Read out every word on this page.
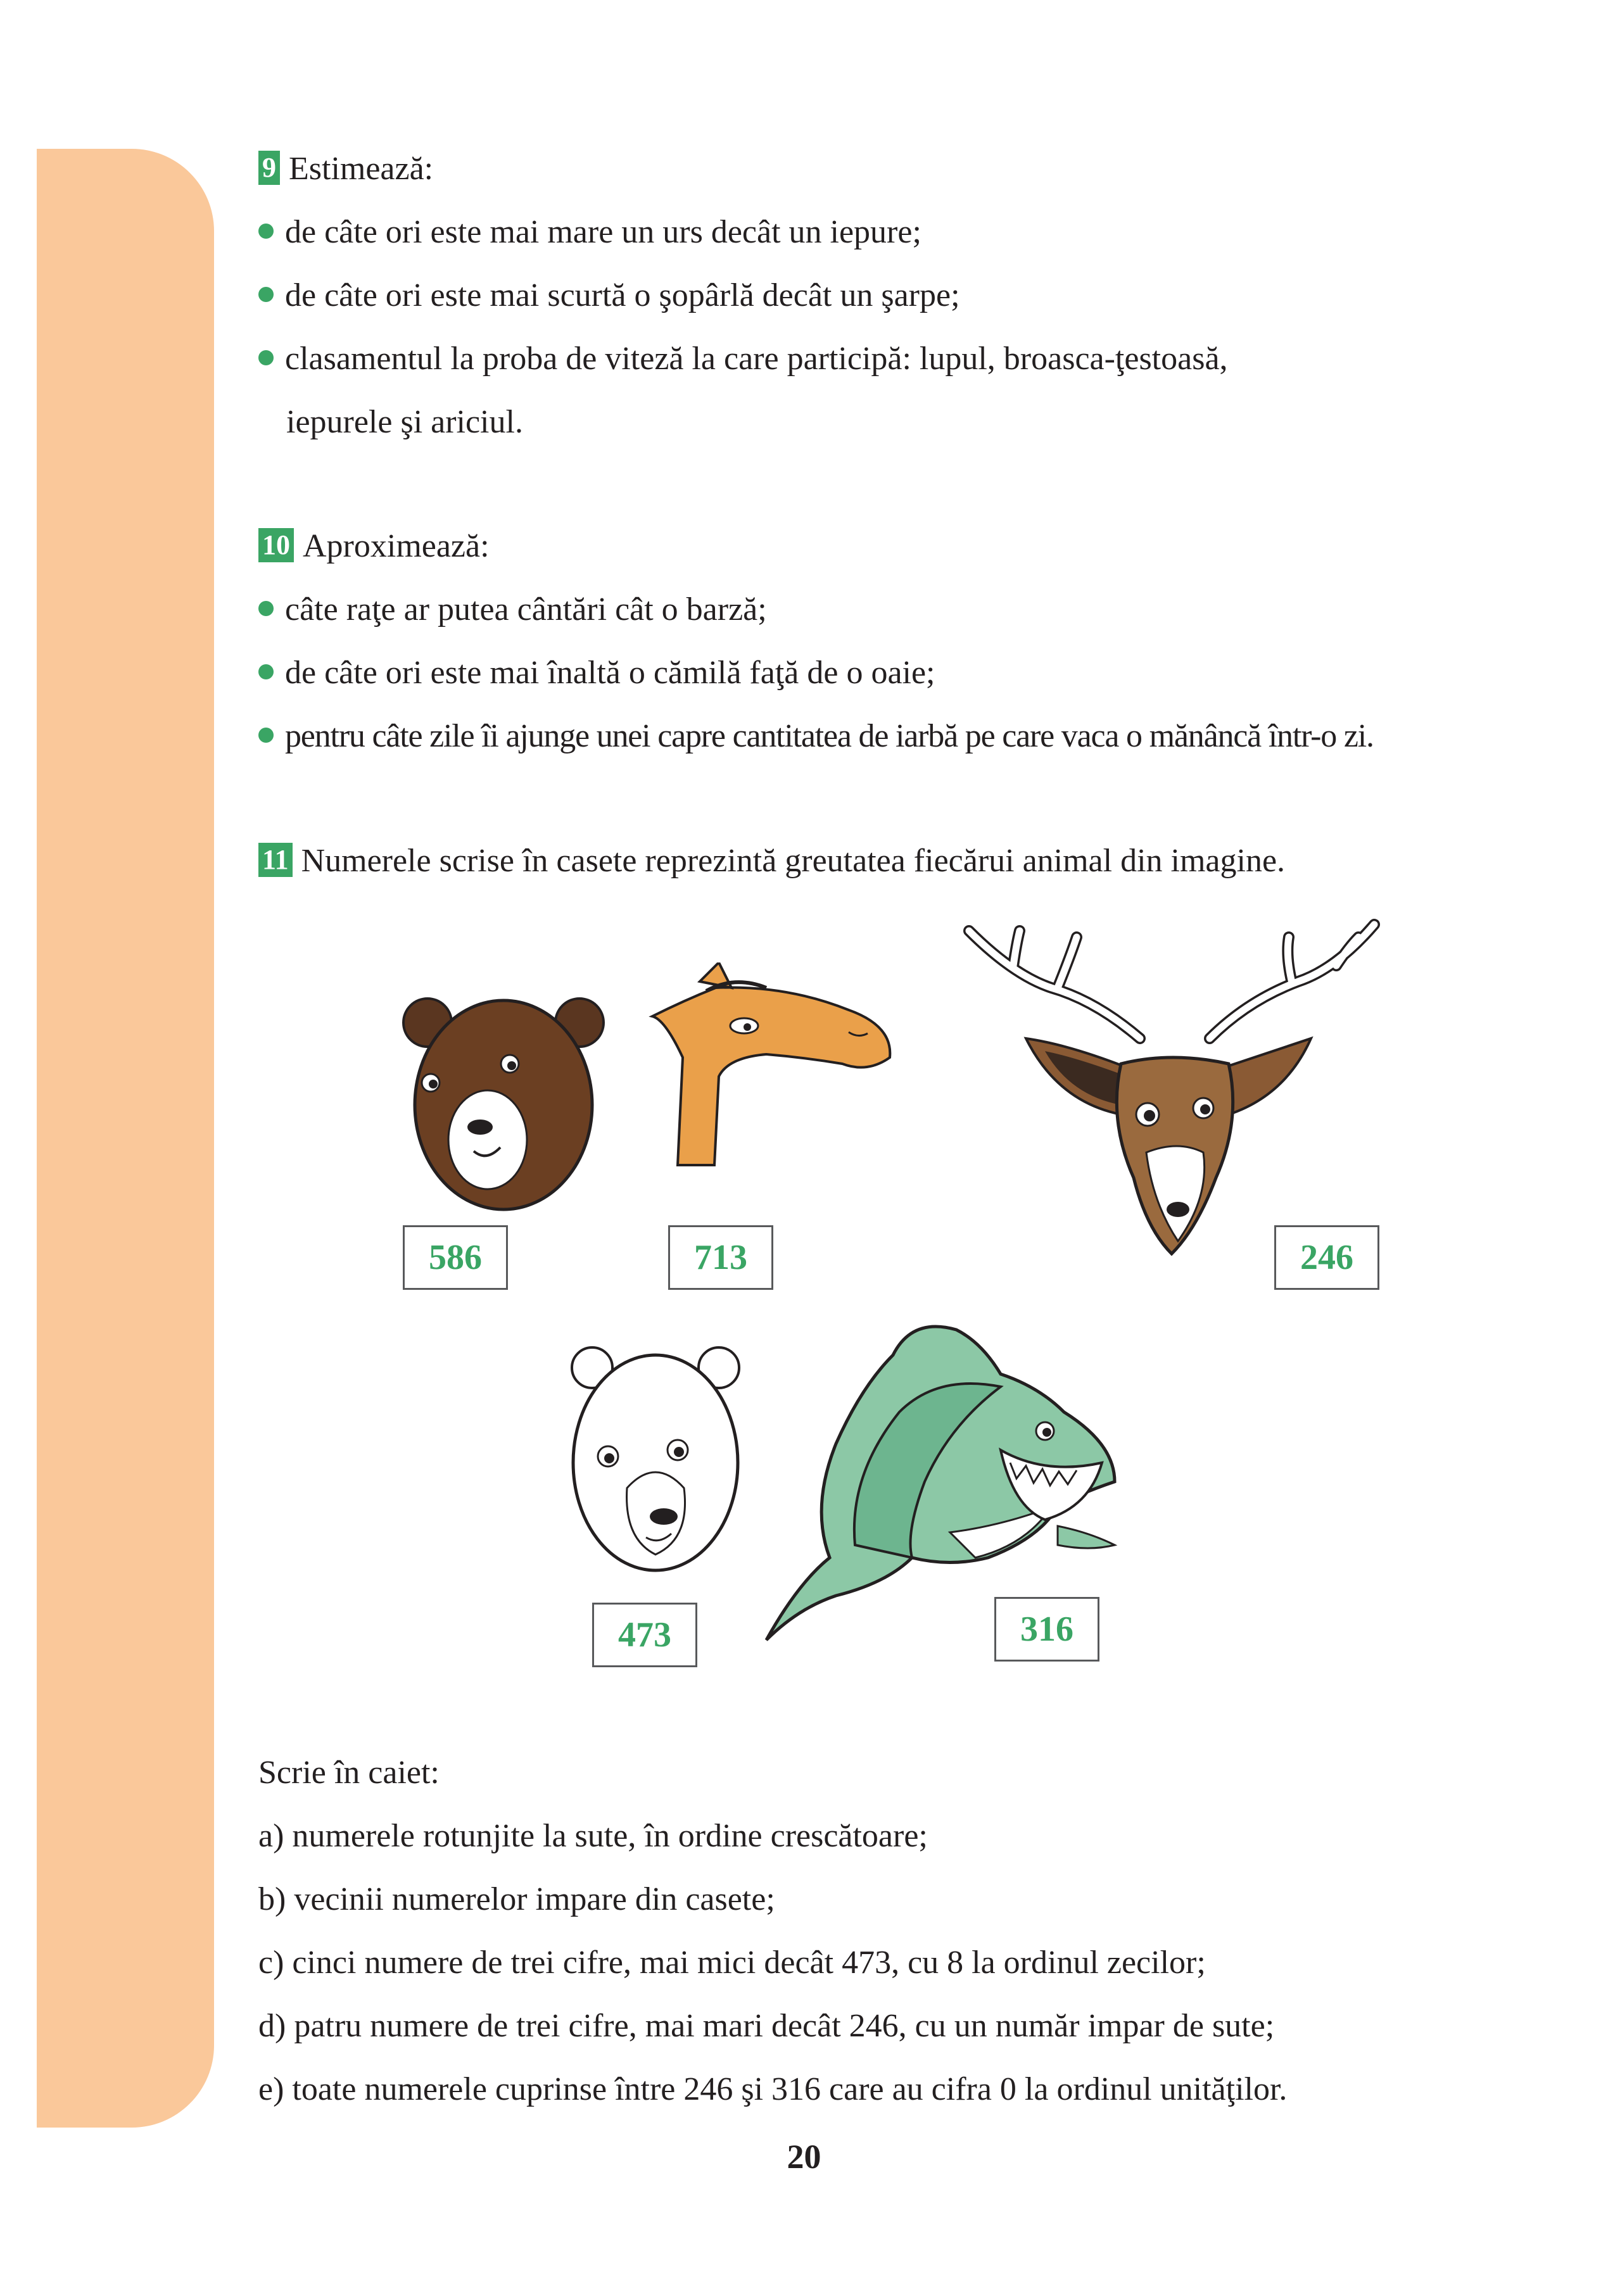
9 Estimează:
de câte ori este mai mare un urs decât un iepure;
de câte ori este mai scurtă o şopârlă decât un şarpe;
clasamentul la proba de viteză la care participă: lupul, broasca-ţestoasă,
iepurele şi ariciul.
10 Aproximează:
câte raţe ar putea cântări cât o barză;
de câte ori este mai înaltă o cămilă faţă de o oaie;
pentru câte zile îi ajunge unei capre cantitatea de iarbă pe care vaca o mănâncă într-o zi.
11 Numerele scrise în casete reprezintă greutatea fiecărui animal din imagine.
Scrie în caiet:
a) numerele rotunjite la sute, în ordine crescătoare;
b) vecinii numerelor impare din casete;
c) cinci numere de trei cifre, mai mici decât 473, cu 8 la ordinul zecilor;
d) patru numere de trei cifre, mai mari decât 246, cu un număr impar de sute;
e) toate numerele cuprinse între 246 şi 316 care au cifra 0 la ordinul unităţilor.
586	713	246
473	316
20
